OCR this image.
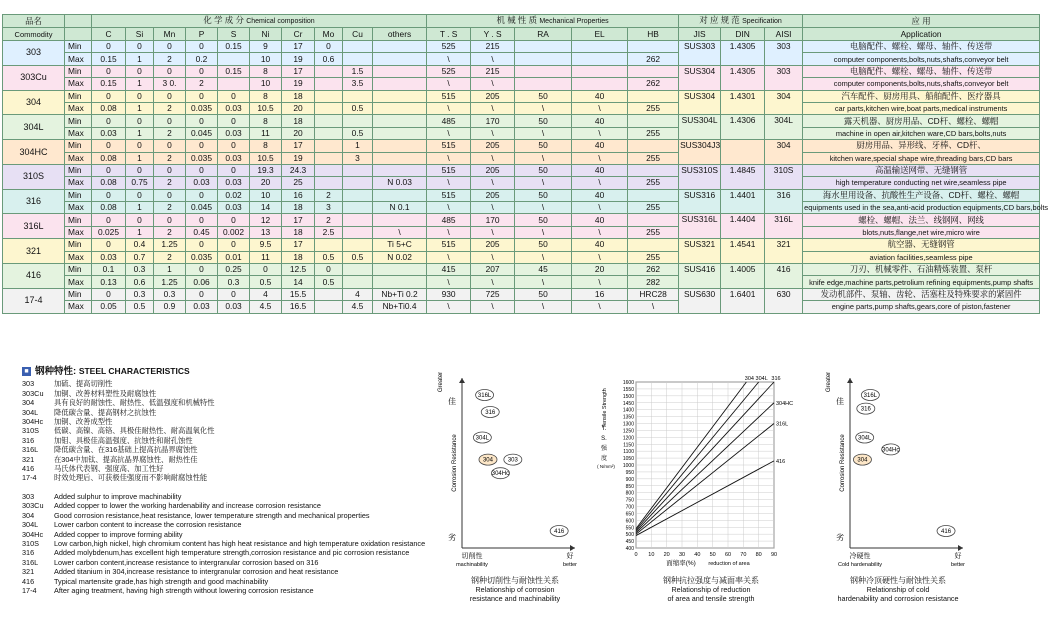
品名		化 学 成 分 Chemical composition										机 械 性 质 Mechanical Properties					对 应 规 范 Specification			应 用
Commodity		C	Si	Mn	P	S	Ni	Cr	Mo	Cu	others	T . S	Y . S	RA	EL	HB	JIS	DIN	AISI	Application
303	Min	0	0	0	0	0.15	9	17	0			525	215				SUS303	1.4305	303	电脑配件、螺栓、螺母、轴件、传送带
	Max	0.15	1	2	0.2		10	19	0.6			\	\			262				computer components,bolts,nuts,shafts,conveyor belt
303Cu	Min	0	0	0	0	0.15	8	17		1.5		525	215				SUS304	1.4305	303	电脑配件、螺栓、螺母、轴件、传送带
	Max	0.15	1	3 0.	2		10	19		3.5		\	\			262				computer components,bolts,nuts,shafts,conveyor belt
304	Min	0	0	0	0	0	8	18				515	205	50	40		SUS304	1.4301	304	汽车配件、厨房用具、船舶配件、医疗器具
	Max	0.08	1	2	0.035	0.03	10.5	20		0.5		\	\	\	\	255				car parts,kitchen wire,boat parts,medical instruments
304L	Min	0	0	0	0	0	8	18				485	170	50	40		SUS304L	1.4306	304L	露天机器、厨房用品、CD杆、螺栓、螺帽
	Max	0.03	1	2	0.045	0.03	11	20		0.5		\	\	\	\	255				machine in open air,kitchen ware,CD bars,bolts,nuts
304HC	Min	0	0	0	0	0	8	17		1		515	205	50	40		SUS304J3		304	厨房用品、异形线、牙棒、CD杆、
	Max	0.08	1	2	0.035	0.03	10.5	19		3		\	\	\	\	255				kitchen ware,special shape wire,threading bars,CD bars
310S	Min	0	0	0	0	0	19.3	24.3				515	205	50	40		SUS310S	1.4845	310S	高温输送网带、无缝钢管
	Max	0.08	0.75	2	0.03	0.03	20	25			N 0.03	\	\	\	\	255				high temperature conducting net wire,seamless pipe
316	Min	0	0	0	0	0.02	10	16	2			515	205	50	40		SUS316	1.4401	316	海水里用设备、抗酸性生产设备、CD杆、螺栓、螺帽
	Max	0.08	1	2	0.045	0.03	14	18	3		N 0.1	\	\	\	\	255				equipments used in the sea,anti-acid production equipments,CD bars,bolts
316L	Min	0	0	0	0	0	12	17	2			485	170	50	40		SUS316L	1.4404	316L	螺栓、螺帽、法兰、线钢网、网线
	Max	0.025	1	2	0.45	0.002	13	18	2.5		\	\	\	\	\	255				blots,nuts,flange,net wire,micro wire
321	Min	0	0.4	1.25	0	0	9.5	17			Ti 5+C	515	205	50	40		SUS321	1.4541	321	航空器、无缝钢管
	Max	0.03	0.7	2	0.035	0.01	11	18	0.5	0.5	N 0.02	\	\	\	\	255				aviation facilities,seamless pipe
416	Min	0.1	0.3	1	0	0.25	0	12.5	0			415	207	45	20	262	SUS416	1.4005	416	刀刃、机械零件、石油精炼装置、泵杆
	Max	0.13	0.6	1.25	0.06	0.3	0.5	14	0.5			\	\	\	\	282				knife edge,machine parts,petrolium refining equipments,pump shafts
17-4	Min	0	0.3	0.3	0	0	4	15.5		4	Nb+Ti 0.2	930	725	50	16	HRC28	SUS630	1.6401	630	发动机部件、泵轴、齿轮、活塞柱及特殊要求的紧固件
	Max	0.05	0.5	0.9	0.03	0.03	4.5	16.5		4.5	Nb+Ti0.4	\	\	\	\	\				engine parts,pump shafts,gears,core of piston,fastener
■ 钢种特性:
STEEL CHARACTERISTICS
303	加硫、提高切削性
303Cu	加铜、改善材料塑性及耐腐蚀性
304	具有良好的耐蚀性、耐热性、低温强度和机械特性
304L	降低碳含量、提高钢材之抗蚀性
304Hc	加铜、改善成型性
310S	低碳、高镍、高铬、具极佳耐热性、耐高温氧化性
316	加钼、具极佳高温强度、抗蚀性和耐孔蚀性
316L	降低碳含量、在316基础上提高抗晶界腐蚀性
321	在304中加钛、提高抗晶界腐蚀性、耐热性佳
416	马氏体代表钢、强度高、加工性好
17-4	时效处理后、可获极佳强度而不影响耐腐蚀性能
303	Added sulphur to improve machinability
303Cu	Added copper to lower the working hardenability and increase corrosion resistance
304	Good corrosion resistance,heat resistance, lower temperature strength and mechanical properties
304L	Lower carbon content to increase the corrosion resistance
304Hc	Added copper to improve forming ability
310S	Low carbon,high nickel, high chromium content has high heat resistance and high temperature oxidation resistance
316	Added molybdenum,has excellent high temperature strength,corrosion resistance and pic corrosion resistance
316L	Lower carbon content,increase resistance to intergranular corrosion based on 316
321	Added titanium in 304,increase resistance to intergranular corrosion and heat resistance
416	Typical martensite grade,has high strength and good machinability
17-4	After aging treatment, having high strength without lowering corrosion resistance
佳
Greater
劣
Corrosion Resistance
切削性
machinability
好
better
316L
316
304L
304 303
304Hc
416
钢种切削性与耐蚀性关系
Relationship of corrosion
resistance and machinability
0 10 20 30 40 50 60 70 80 90
400
450
500
550
600
650
700
750
800
850
900
950
1000
1050
1100
1150
1200
1250
1300
1350
1400
1450
1500
1550
1600
Tensile Strength
T.
S.
强
度
( N/mm²)
面缩率(%) reduction of area
304 304L 316
304HC
316L
416
钢种抗拉强度与减面率关系
Relationship of reduction
of area and tensile strength
佳
Greater
劣
Corrosion Resistance
冷硬性
Cold hardenability
好
better
316L
316
304L
304Hc
304
416
钢种冷顶硬性与耐蚀性关系
Relationship of cold
hardenability and corrosion resistance
